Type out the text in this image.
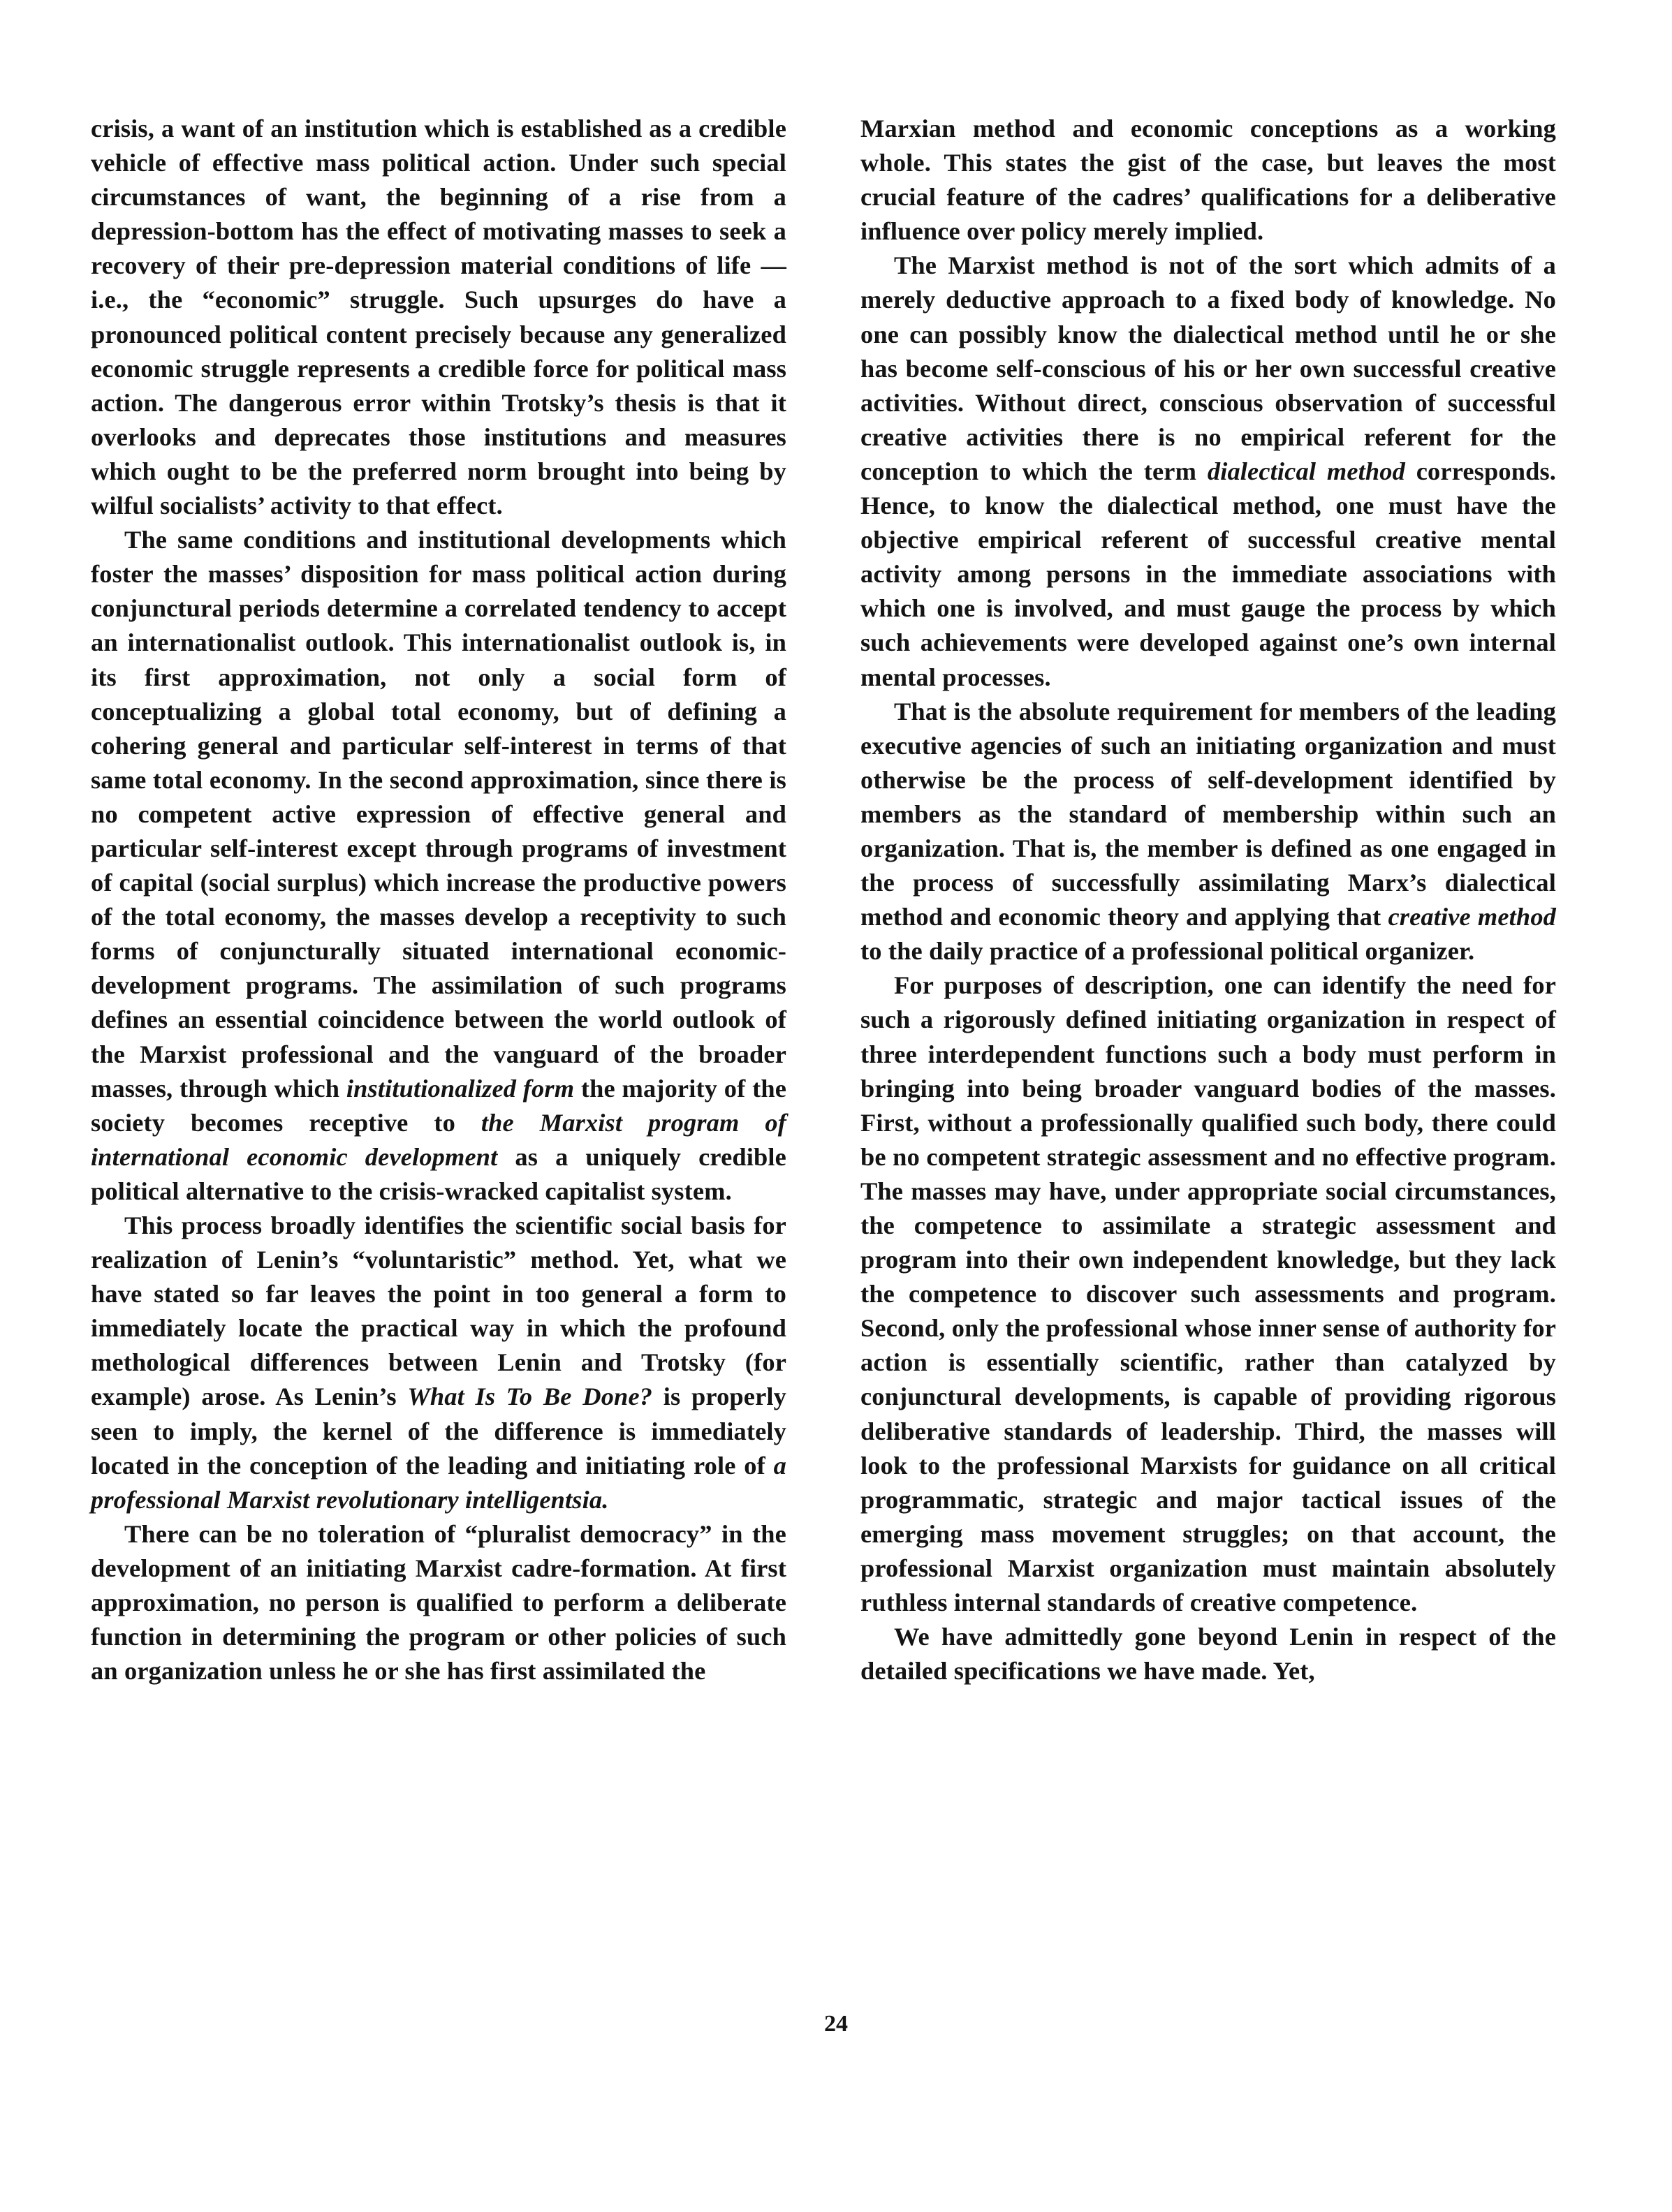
crisis, a want of an institution which is established as a credible vehicle of effective mass political action. Under such special circumstances of want, the beginning of a rise from a depression-bottom has the effect of motivating masses to seek a recovery of their pre-depression material conditions of life — i.e., the “economic” struggle. Such upsurges do have a pronounced political content precisely because any generalized economic struggle represents a credible force for political mass action. The dangerous error within Trotsky’s thesis is that it overlooks and deprecates those institutions and measures which ought to be the preferred norm brought into being by wilful socialists’ activity to that effect.

The same conditions and institutional developments which foster the masses’ disposition for mass political action during conjunctural periods determine a correlated tendency to accept an internationalist outlook. This internationalist outlook is, in its first approximation, not only a social form of conceptualizing a global total economy, but of defining a cohering general and particular self-interest in terms of that same total economy. In the second approximation, since there is no competent active expression of effective general and particular self-interest except through programs of investment of capital (social surplus) which increase the productive powers of the total economy, the masses develop a receptivity to such forms of conjuncturally situated international economic-development programs. The assimilation of such programs defines an essential coincidence between the world outlook of the Marxist professional and the vanguard of the broader masses, through which institutionalized form the majority of the society becomes receptive to the Marxist program of international economic development as a uniquely credible political alternative to the crisis-wracked capitalist system.

This process broadly identifies the scientific social basis for realization of Lenin’s “voluntaristic” method. Yet, what we have stated so far leaves the point in too general a form to immediately locate the practical way in which the profound methological differences between Lenin and Trotsky (for example) arose. As Lenin’s What Is To Be Done? is properly seen to imply, the kernel of the difference is immediately located in the conception of the leading and initiating role of a professional Marxist revolutionary intelligentsia.

There can be no toleration of “pluralist democracy” in the development of an initiating Marxist cadre-formation. At first approximation, no person is qualified to perform a deliberate function in determining the program or other policies of such an organization unless he or she has first assimilated the

Marxian method and economic conceptions as a working whole. This states the gist of the case, but leaves the most crucial feature of the cadres’ qualifications for a deliberative influence over policy merely implied.

The Marxist method is not of the sort which admits of a merely deductive approach to a fixed body of knowledge. No one can possibly know the dialectical method until he or she has become self-conscious of his or her own successful creative activities. Without direct, conscious observation of successful creative activities there is no empirical referent for the conception to which the term dialectical method corresponds. Hence, to know the dialectical method, one must have the objective empirical referent of successful creative mental activity among persons in the immediate associations with which one is involved, and must gauge the process by which such achievements were developed against one’s own internal mental processes.

That is the absolute requirement for members of the leading executive agencies of such an initiating organization and must otherwise be the process of self-development identified by members as the standard of membership within such an organization. That is, the member is defined as one engaged in the process of successfully assimilating Marx’s dialectical method and economic theory and applying that creative method to the daily practice of a professional political organizer.

For purposes of description, one can identify the need for such a rigorously defined initiating organization in respect of three interdependent functions such a body must perform in bringing into being broader vanguard bodies of the masses. First, without a professionally qualified such body, there could be no competent strategic assessment and no effective program. The masses may have, under appropriate social circumstances, the competence to assimilate a strategic assessment and program into their own independent knowledge, but they lack the competence to discover such assessments and program. Second, only the professional whose inner sense of authority for action is essentially scientific, rather than catalyzed by conjunctural developments, is capable of providing rigorous deliberative standards of leadership. Third, the masses will look to the professional Marxists for guidance on all critical programmatic, strategic and major tactical issues of the emerging mass movement struggles; on that account, the professional Marxist organization must maintain absolutely ruthless internal standards of creative competence.

We have admittedly gone beyond Lenin in respect of the detailed specifications we have made. Yet,

24
